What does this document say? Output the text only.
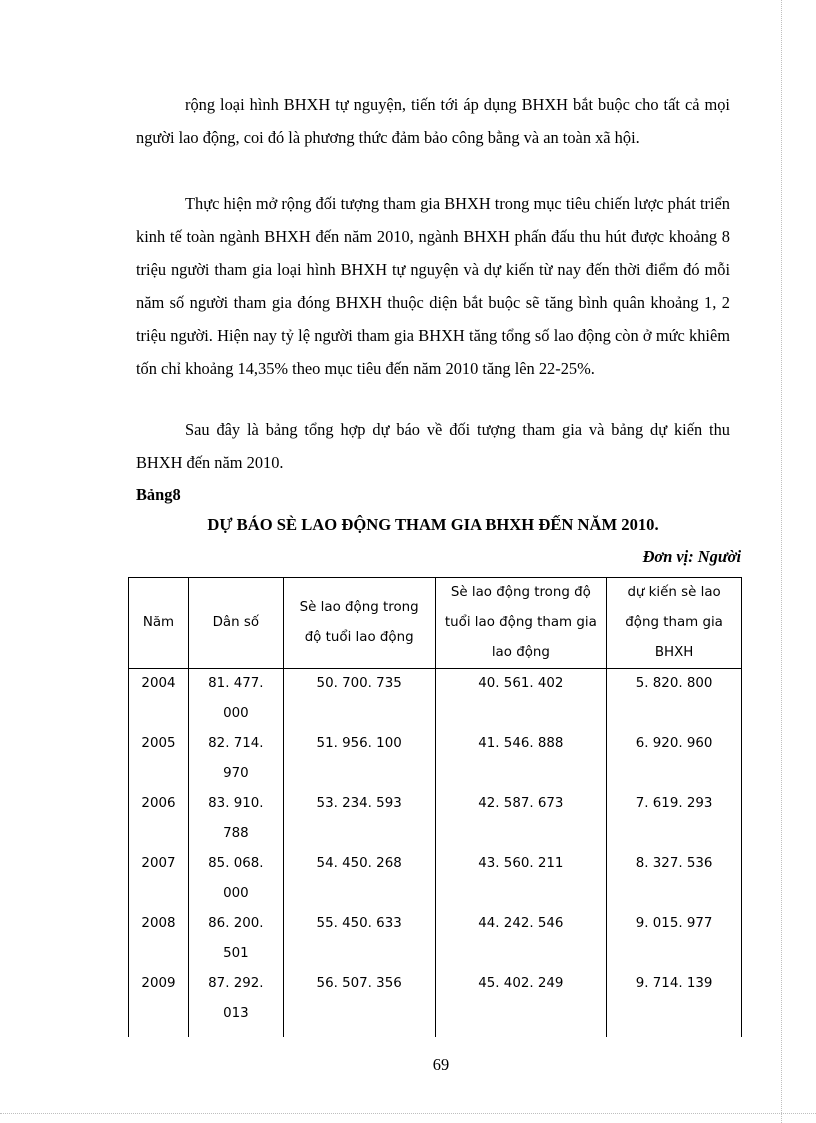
rộng loại hình BHXH tự nguyện, tiến tới áp dụng BHXH bắt buộc cho tất cả mọi người lao động, coi đó là phương thức đảm bảo công bằng và an toàn xã hội.

Thực hiện mở rộng đối tượng tham gia BHXH trong mục tiêu chiến lược phát triển kinh tế toàn ngành BHXH đến năm 2010, ngành BHXH phấn đấu thu hút được khoảng 8 triệu người tham gia loại hình BHXH tự nguyện và dự kiến từ nay đến thời điểm đó mỗi năm số người tham gia đóng BHXH thuộc diện bắt buộc sẽ tăng bình quân khoảng 1, 2 triệu người. Hiện nay tỷ lệ người tham gia BHXH tăng tổng số lao động còn ở mức khiêm tốn chỉ khoảng 14,35% theo mục tiêu đến năm 2010 tăng lên 22-25%.

Sau đây là bảng tổng hợp dự báo về đối tượng tham gia và bảng dự kiến thu BHXH đến năm 2010.

Bảng8

DỰ BÁO SÈ LAO ĐỘNG THAM GIA BHXH ĐẾN NĂM 2010.

Đơn vị: Người

Năm	Dân số	Sè lao động trong độ tuổi lao động	Sè lao động trong độ tuổi lao động tham gia lao động	dự kiến sè lao động tham gia BHXH
2004	81. 477. 000	50. 700. 735	40. 561. 402	5. 820. 800
2005	82. 714. 970	51. 956. 100	41. 546. 888	6. 920. 960
2006	83. 910. 788	53. 234. 593	42. 587. 673	7. 619. 293
2007	85. 068. 000	54. 450. 268	43. 560. 211	8. 327. 536
2008	86. 200. 501	55. 450. 633	44. 242. 546	9. 015. 977
2009	87. 292. 013	56. 507. 356	45. 402. 249	9. 714. 139
69
